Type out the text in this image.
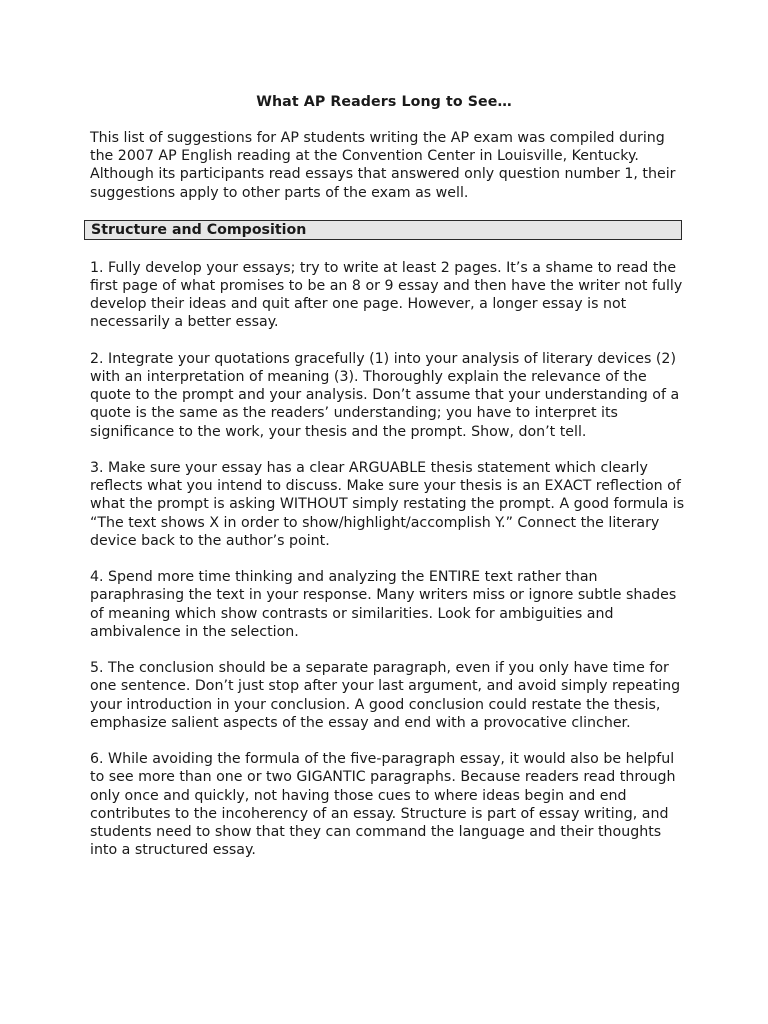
What AP Readers Long to See…

This list of suggestions for AP students writing the AP exam was compiled during the 2007 AP English reading at the Convention Center in Louisville, Kentucky. Although its participants read essays that answered only question number 1, their suggestions apply to other parts of the exam as well.

Structure and Composition

1. Fully develop your essays; try to write at least 2 pages. It’s a shame to read the first page of what promises to be an 8 or 9 essay and then have the writer not fully develop their ideas and quit after one page. However, a longer essay is not necessarily a better essay.

2. Integrate your quotations gracefully (1) into your analysis of literary devices (2) with an interpretation of meaning (3). Thoroughly explain the relevance of the quote to the prompt and your analysis. Don’t assume that your understanding of a quote is the same as the readers’ understanding; you have to interpret its significance to the work, your thesis and the prompt. Show, don’t tell.

3. Make sure your essay has a clear ARGUABLE thesis statement which clearly reflects what you intend to discuss. Make sure your thesis is an EXACT reflection of what the prompt is asking WITHOUT simply restating the prompt. A good formula is “The text shows X in order to show/highlight/accomplish Y.” Connect the literary device back to the author’s point.

4. Spend more time thinking and analyzing the ENTIRE text rather than paraphrasing the text in your response. Many writers miss or ignore subtle shades of meaning which show contrasts or similarities. Look for ambiguities and ambivalence in the selection.

5. The conclusion should be a separate paragraph, even if you only have time for one sentence. Don’t just stop after your last argument, and avoid simply repeating your introduction in your conclusion. A good conclusion could restate the thesis, emphasize salient aspects of the essay and end with a provocative clincher.

6. While avoiding the formula of the five-paragraph essay, it would also be helpful to see more than one or two GIGANTIC paragraphs. Because readers read through only once and quickly, not having those cues to where ideas begin and end contributes to the incoherency of an essay. Structure is part of essay writing, and students need to show that they can command the language and their thoughts into a structured essay.
